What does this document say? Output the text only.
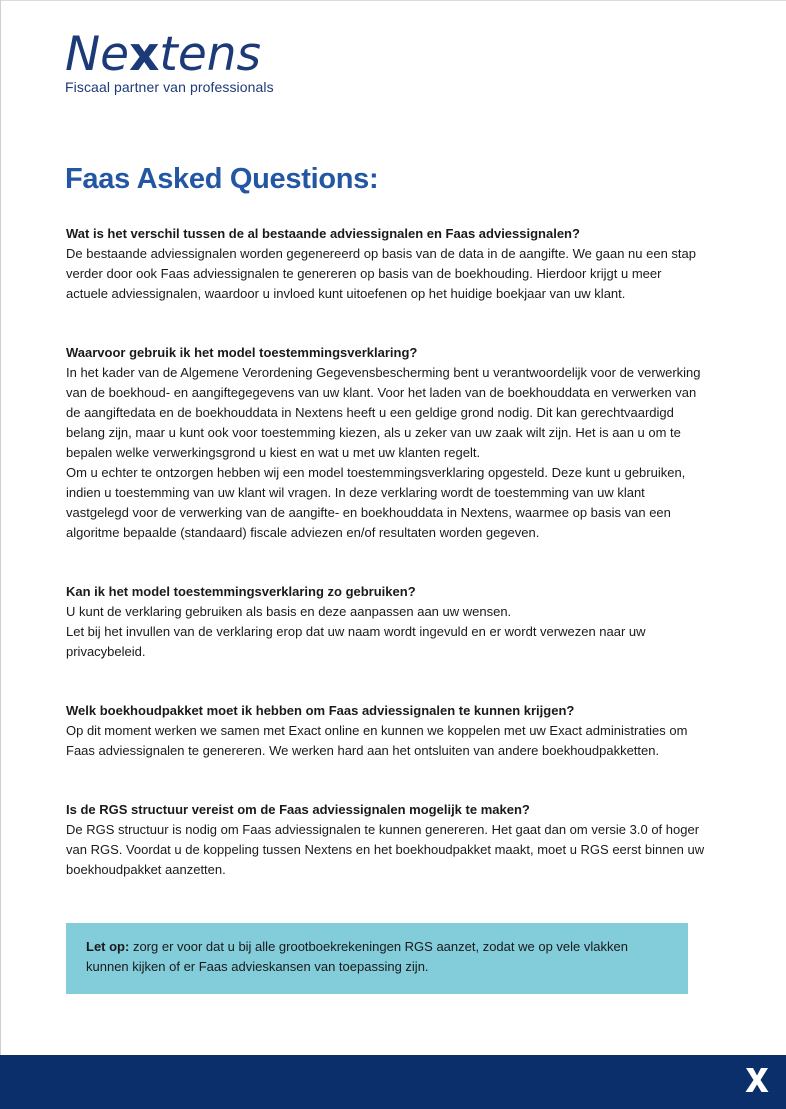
Nextens
Fiscaal partner van professionals
Faas Asked Questions:
Wat is het verschil tussen de al bestaande adviessignalen en Faas adviessignalen?

De bestaande adviessignalen worden gegenereerd op basis van de data in de aangifte. We gaan nu een stap verder door ook Faas adviessignalen te genereren op basis van de boekhouding. Hierdoor krijgt u meer actuele adviessignalen, waardoor u invloed kunt uitoefenen op het huidige boekjaar van uw klant.

Waarvoor gebruik ik het model toestemmingsverklaring?

In het kader van de Algemene Verordening Gegevensbescherming bent u verantwoordelijk voor de verwerking van de boekhoud- en aangiftegegevens van uw klant. Voor het laden van de boekhouddata en verwerken van de aangiftedata en de boekhouddata in Nextens heeft u een geldige grond nodig. Dit kan gerechtvaardigd belang zijn, maar u kunt ook voor toestemming kiezen, als u zeker van uw zaak wilt zijn. Het is aan u om te bepalen welke verwerkingsgrond u kiest en wat u met uw klanten regelt.

Om u echter te ontzorgen hebben wij een model toestemmingsverklaring opgesteld. Deze kunt u gebruiken, indien u toestemming van uw klant wil vragen. In deze verklaring wordt de toestemming van uw klant vastgelegd voor de verwerking van de aangifte- en boekhouddata in Nextens, waarmee op basis van een algoritme bepaalde (standaard) fiscale adviezen en/of resultaten worden gegeven.

Kan ik het model toestemmingsverklaring zo gebruiken?

U kunt de verklaring gebruiken als basis en deze aanpassen aan uw wensen.

Let bij het invullen van de verklaring erop dat uw naam wordt ingevuld en er wordt verwezen naar uw privacybeleid.

Welk boekhoudpakket moet ik hebben om Faas adviessignalen te kunnen krijgen?

Op dit moment werken we samen met Exact online en kunnen we koppelen met uw Exact administraties om Faas adviessignalen te genereren. We werken hard aan het ontsluiten van andere boekhoudpakketten.

Is de RGS structuur vereist om de Faas adviessignalen mogelijk te maken?

De RGS structuur is nodig om Faas adviessignalen te kunnen genereren. Het gaat dan om versie 3.0 of hoger van RGS. Voordat u de koppeling tussen Nextens en het boekhoudpakket maakt, moet u RGS eerst binnen uw boekhoudpakket aanzetten.

Let op: zorg er voor dat u bij alle grootboekrekeningen RGS aanzet, zodat we op vele vlakken kunnen kijken of er Faas advieskansen van toepassing zijn.
